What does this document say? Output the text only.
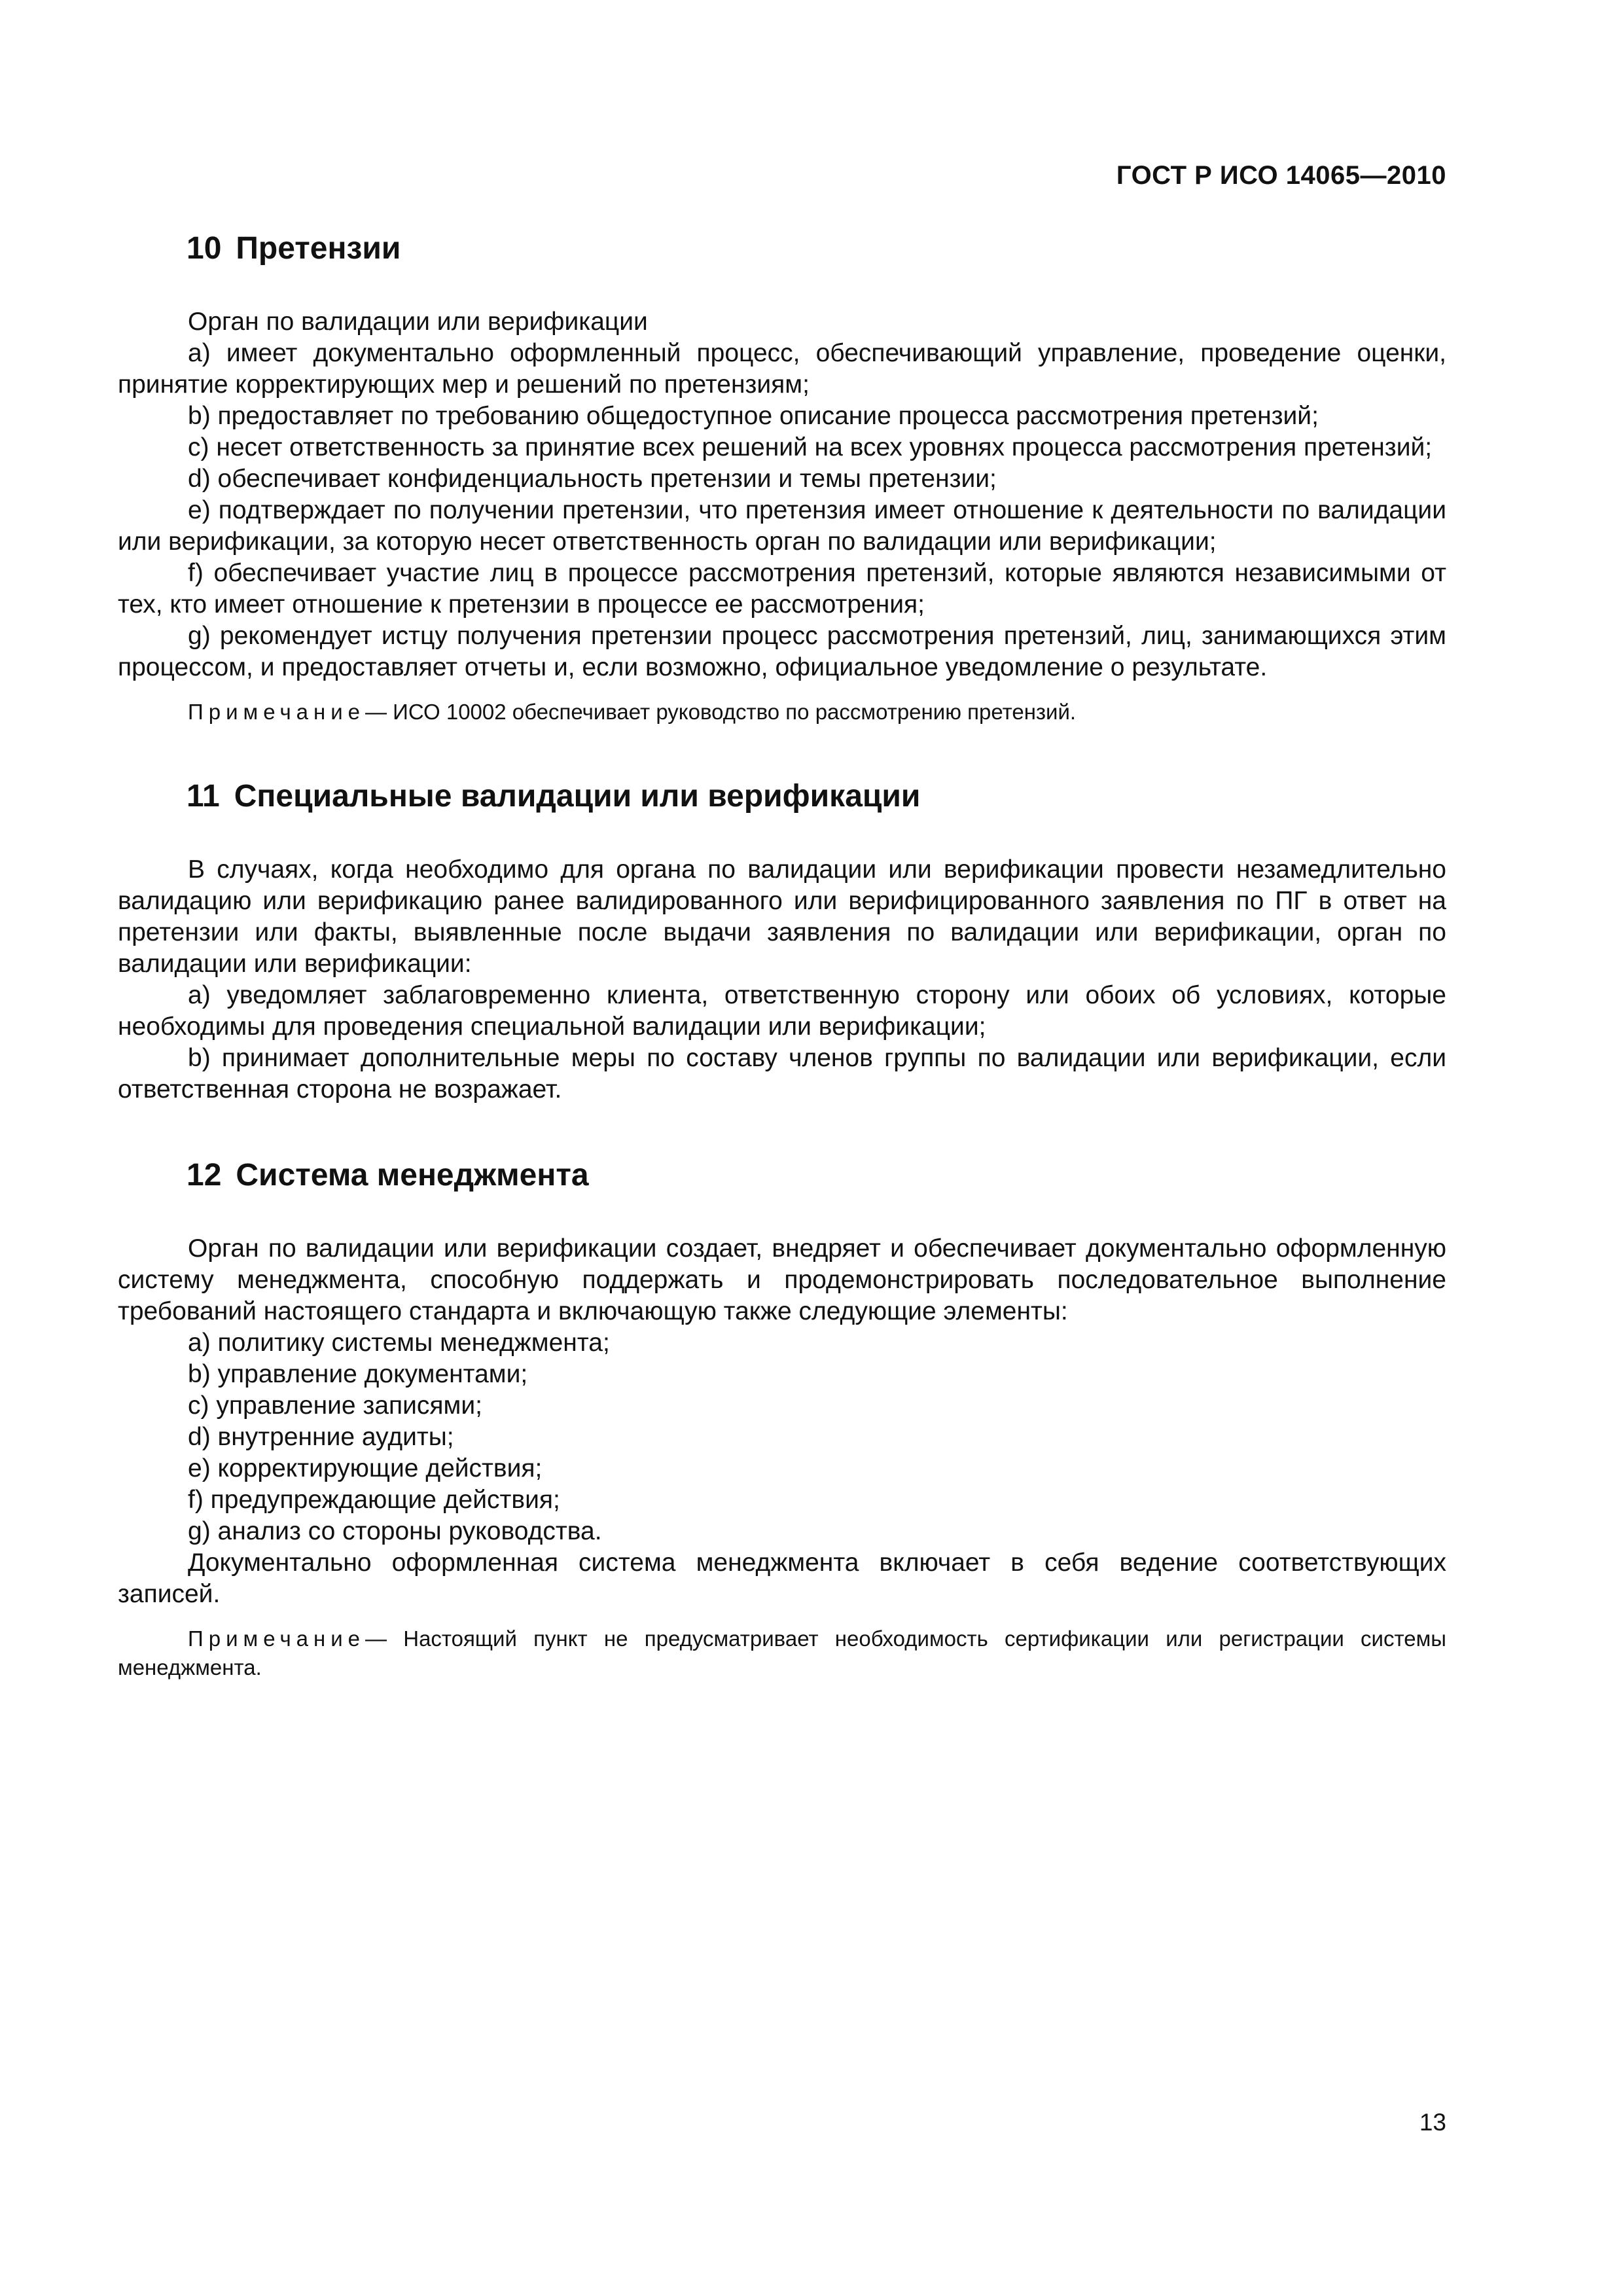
ГОСТ Р ИСО 14065—2010
10 Претензии

Орган по валидации или верификации

а) имеет документально оформленный процесс, обеспечивающий управление, проведение оценки, принятие корректирующих мер и решений по претензиям;

b) предоставляет по требованию общедоступное описание процесса рассмотрения претензий;

c) несет ответственность за принятие всех решений на всех уровнях процесса рассмотрения претензий;

d) обеспечивает конфиденциальность претензии и темы претензии;

е) подтверждает по получении претензии, что претензия имеет отношение к деятельности по валидации или верификации, за которую несет ответственность орган по валидации или верификации;

f) обеспечивает участие лиц в процессе рассмотрения претензий, которые являются независимыми от тех, кто имеет отношение к претензии в процессе ее рассмотрения;

g) рекомендует истцу получения претензии процесс рассмотрения претензий, лиц, занимающихся этим процессом, и предоставляет отчеты и, если возможно, официальное уведомление о результате.

Примечание— ИСО 10002 обеспечивает руководство по рассмотрению претензий.

11 Специальные валидации или верификации

В случаях, когда необходимо для органа по валидации или верификации провести незамедлительно валидацию или верификацию ранее валидированного или верифицированного заявления по ПГ в ответ на претензии или факты, выявленные после выдачи заявления по валидации или верификации, орган по валидации или верификации:

а) уведомляет заблаговременно клиента, ответственную сторону или обоих об условиях, которые необходимы для проведения специальной валидации или верификации;

b) принимает дополнительные меры по составу членов группы по валидации или верификации, если ответственная сторона не возражает.

12 Система менеджмента

Орган по валидации или верификации создает, внедряет и обеспечивает документально оформленную систему менеджмента, способную поддержать и продемонстрировать последовательное выполнение требований настоящего стандарта и включающую также следующие элементы:

а) политику системы менеджмента;

b) управление документами;

c) управление записями;

d) внутренние аудиты;

е) корректирующие действия;

f) предупреждающие действия;

g) анализ со стороны руководства.

Документально оформленная система менеджмента включает в себя ведение соответствующих записей.

Примечание— Настоящий пункт не предусматривает необходимость сертификации или регистрации системы менеджмента.

13
